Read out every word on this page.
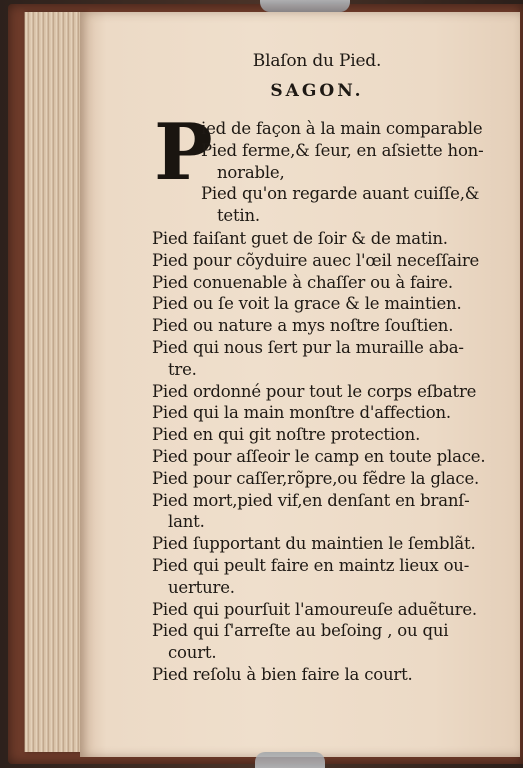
Blaſon du Pied.
SAGON.
P
ied de façon à la main comparable
Pied ferme,& ſeur, en aſsiette hon-
norable,
Pied qu'on regarde auant cuiſſe,&
tetin.
Pied faiſant guet de ſoir & de matin.
Pied pour cõyduire auec l'œil neceſſaire
Pied conuenable à chaſſer ou à faire.
Pied ou ſe voit la grace & le maintien.
Pied ou nature a mys noſtre ſouſtien.
Pied qui nous ſert pur la muraille aba-
tre.
Pied ordonné pour tout le corps eſbatre
Pied qui la main monſtre d'affection.
Pied en qui git noſtre protection.
Pied pour aſſeoir le camp en toute place.
Pied pour caſſer,rõpre,ou fẽdre la glace.
Pied mort,pied vif,en denſant en branſ-
lant.
Pied ſupportant du maintien le ſemblãt.
Pied qui peult faire en maintz lieux ou-
uerture.
Pied qui pourſuit l'amoureuſe aduẽture.
Pied qui ſ'arreſte au beſoing , ou qui
court.
Pied reſolu à bien faire la court.
